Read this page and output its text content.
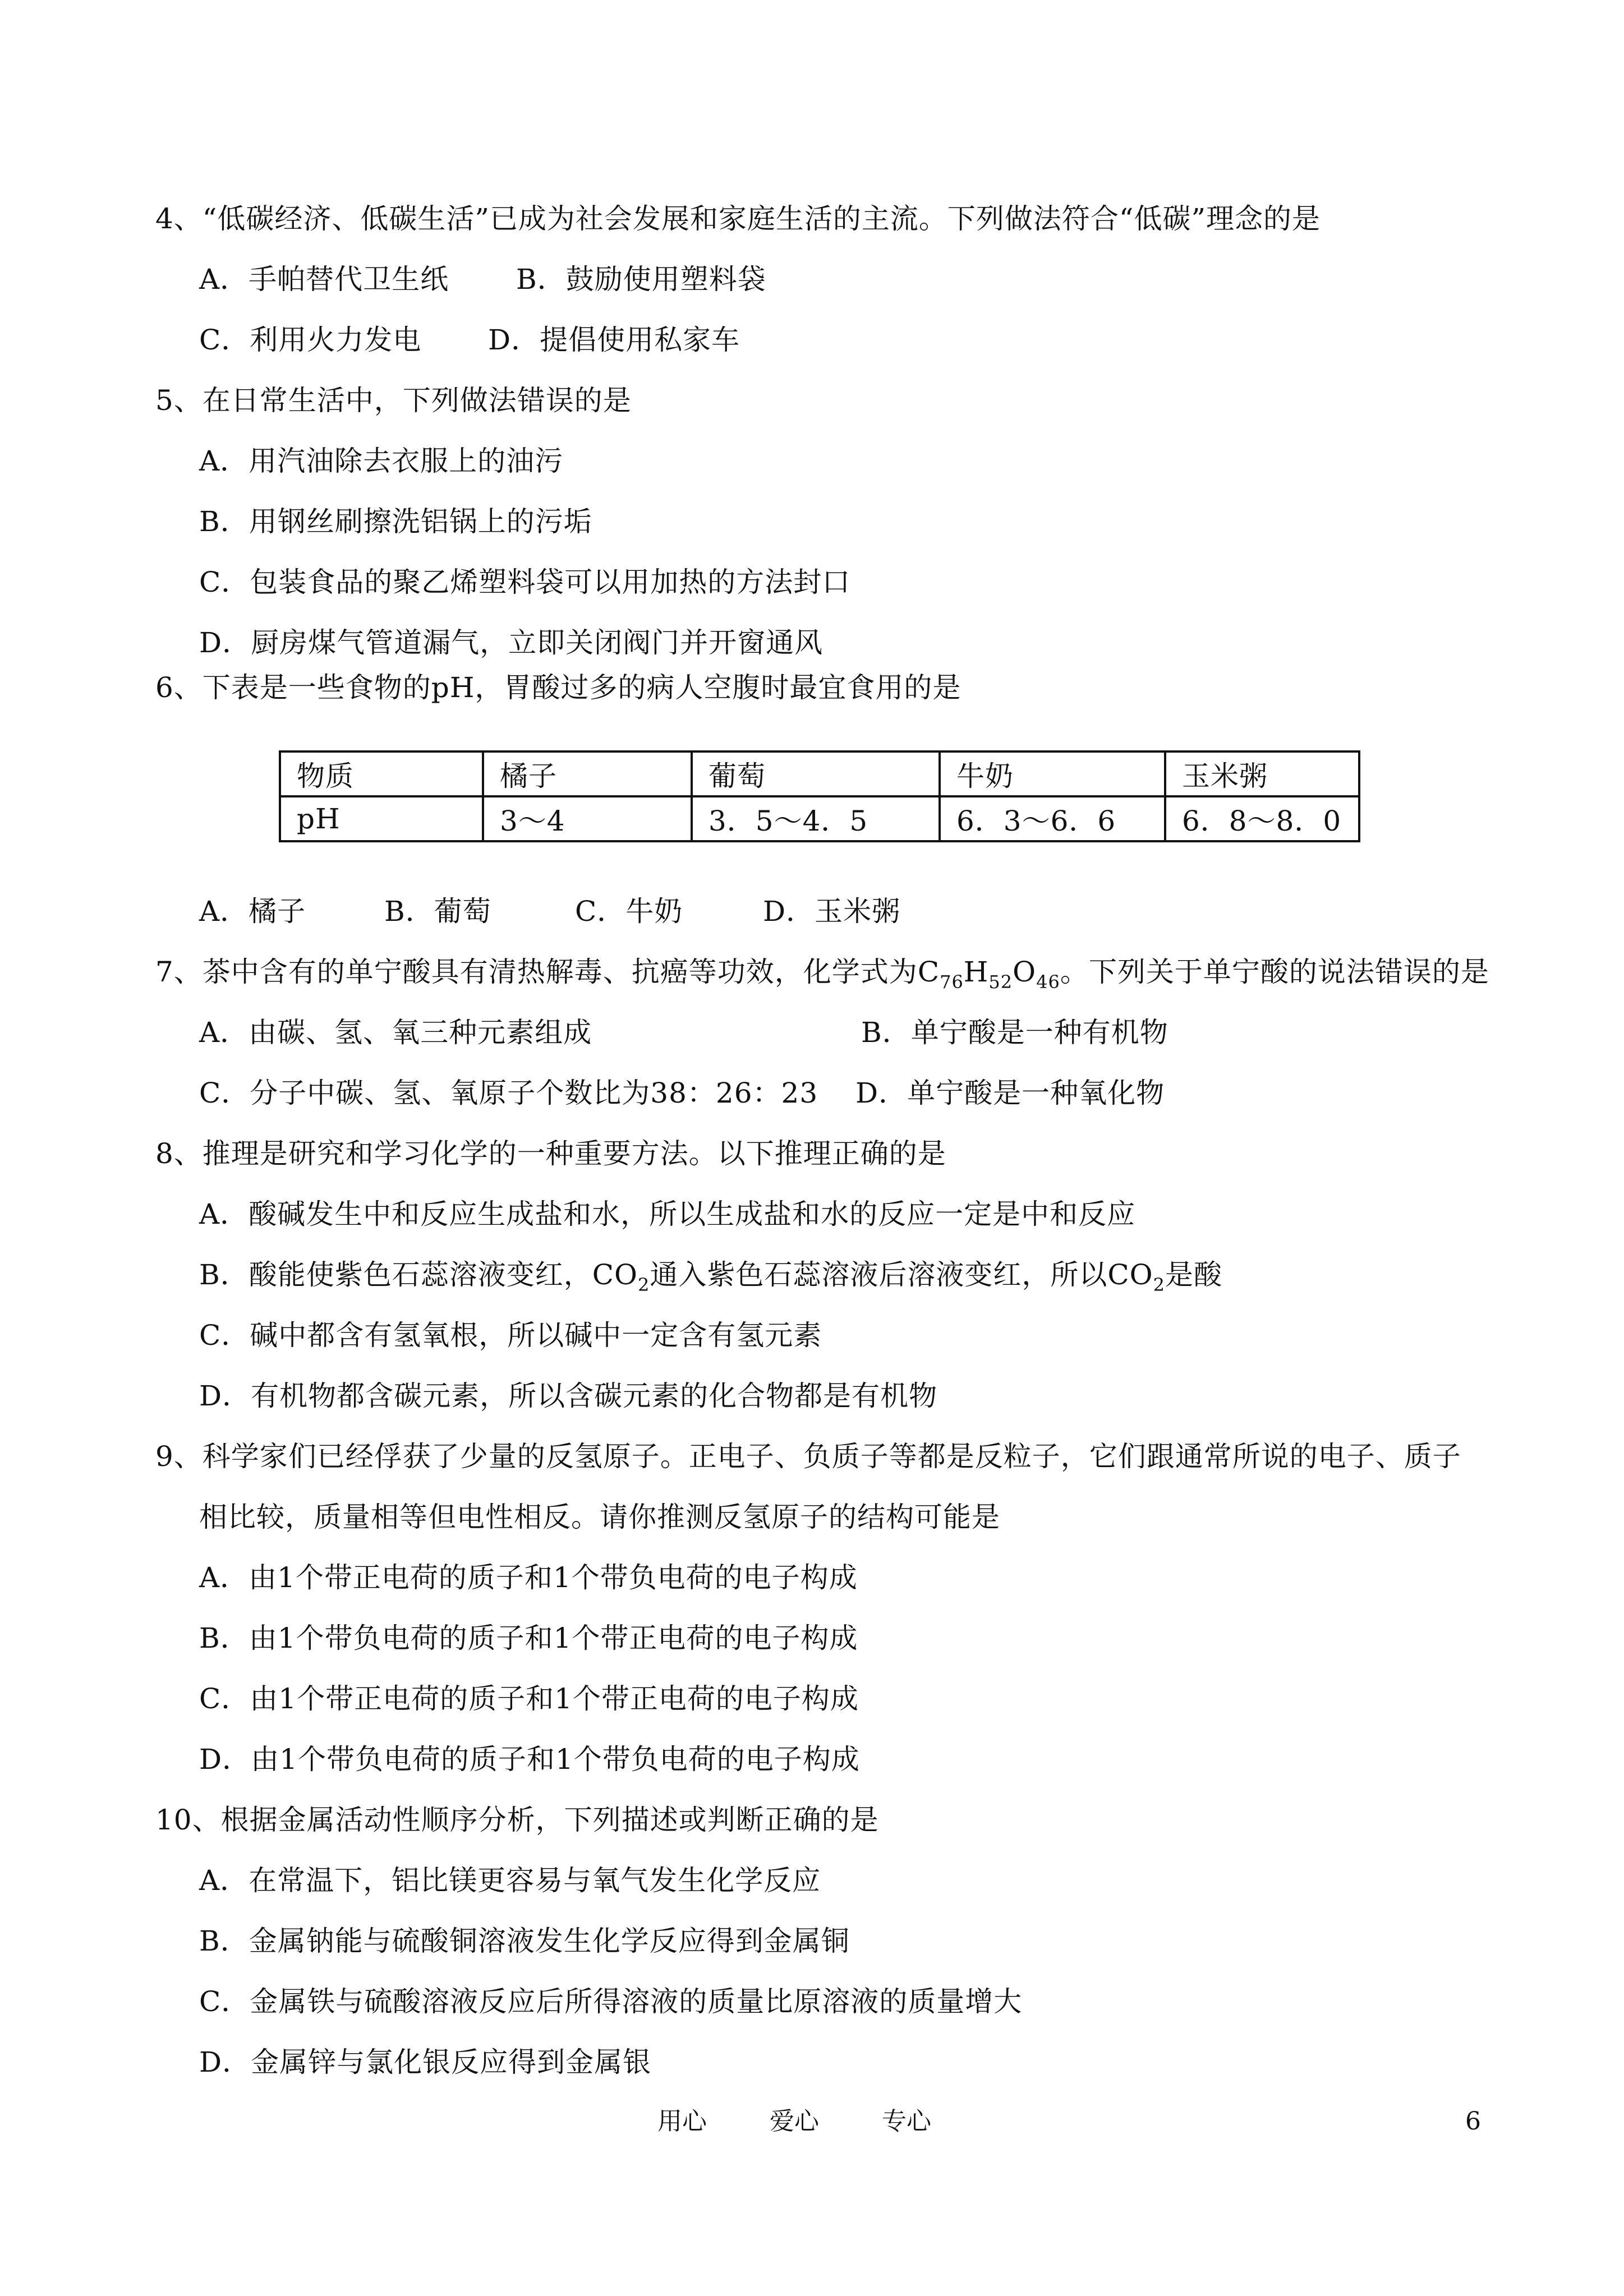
4、“低碳经济、低碳生活”已成为社会发展和家庭生活的主流。下列做法符合“低碳”理念的是
A．手帕替代卫生纸 B．鼓励使用塑料袋
C．利用火力发电 D．提倡使用私家车
5、在日常生活中，下列做法错误的是
A．用汽油除去衣服上的油污
B．用钢丝刷擦洗铝锅上的污垢
C．包装食品的聚乙烯塑料袋可以用加热的方法封口
D．厨房煤气管道漏气，立即关闭阀门并开窗通风
6、下表是一些食物的pH，胃酸过多的病人空腹时最宜食用的是
物质	橘子	葡萄	牛奶	玉米粥
pH	3～4	3．5～4．5	6．3～6．6	6．8～8．0
A．橘子	B．葡萄	C．牛奶	D．玉米粥
7、茶中含有的单宁酸具有清热解毒、抗癌等功效，化学式为$C_{76}H_{52}O_{46}$。下列关于单宁酸的说法错误的是
A．由碳、氢、氧三种元素组成	B．单宁酸是一种有机物
C．分子中碳、氢、氧原子个数比为38：26：23 D．单宁酸是一种氧化物
8、推理是研究和学习化学的一种重要方法。以下推理正确的是
A．酸碱发生中和反应生成盐和水，所以生成盐和水的反应一定是中和反应
B．酸能使紫色石蕊溶液变红，$CO_2$通入紫色石蕊溶液后溶液变红，所以$CO_2$是酸
C．碱中都含有氢氧根，所以碱中一定含有氢元素
D．有机物都含碳元素，所以含碳元素的化合物都是有机物
9、科学家们已经俘获了少量的反氢原子。正电子、负质子等都是反粒子，它们跟通常所说的电子、质子
相比较，质量相等但电性相反。请你推测反氢原子的结构可能是
A．由1个带正电荷的质子和1个带负电荷的电子构成
B．由1个带负电荷的质子和1个带正电荷的电子构成
C．由1个带正电荷的质子和1个带正电荷的电子构成
D．由1个带负电荷的质子和1个带负电荷的电子构成
10、根据金属活动性顺序分析，下列描述或判断正确的是
A．在常温下，铝比镁更容易与氧气发生化学反应
B．金属钠能与硫酸铜溶液发生化学反应得到金属铜
C．金属铁与硫酸溶液反应后所得溶液的质量比原溶液的质量增大
D．金属锌与氯化银反应得到金属银
用心	爱心	专心	6
